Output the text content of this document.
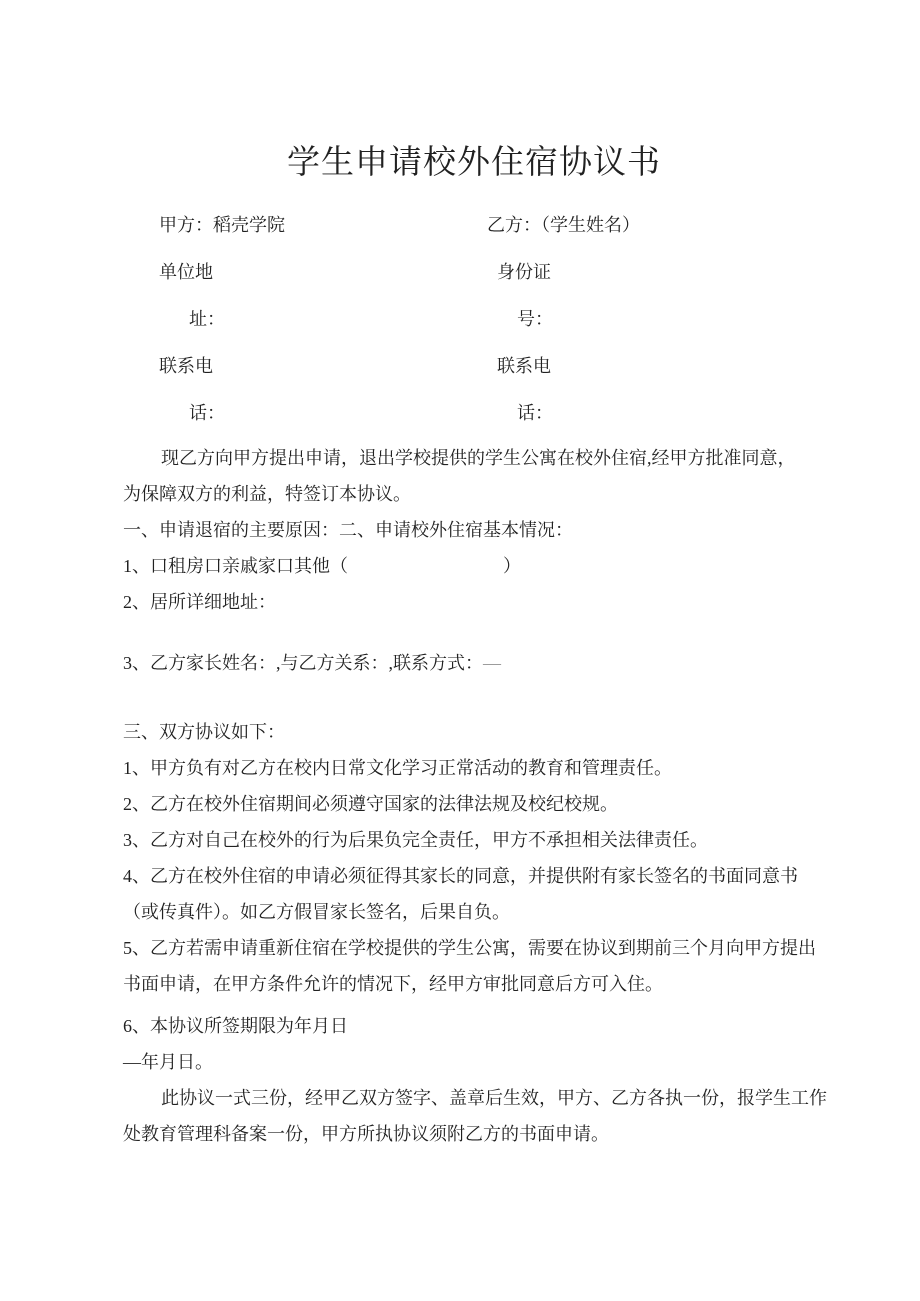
学生申请校外住宿协议书
甲方：稻壳学院	乙方：（学生姓名）
单位地	身份证
址：	号：
联系电	联系电
话：	话：
现乙方向甲方提出申请，退出学校提供的学生公寓在校外住宿,经甲方批准同意，
为保障双方的利益，特签订本协议。
一、申请退宿的主要原因：二、申请校外住宿基本情况：
1、口租房口亲戚家口其他（	）
2、居所详细地址：
3、乙方家长姓名：,与乙方关系：,联系方式：—
三、双方协议如下：
1、甲方负有对乙方在校内日常文化学习正常活动的教育和管理责任。
2、乙方在校外住宿期间必须遵守国家的法律法规及校纪校规。
3、乙方对自己在校外的行为后果负完全责任，甲方不承担相关法律责任。
4、乙方在校外住宿的申请必须征得其家长的同意，并提供附有家长签名的书面同意书
（或传真件）。如乙方假冒家长签名，后果自负。
5、乙方若需申请重新住宿在学校提供的学生公寓，需要在协议到期前三个月向甲方提出
书面申请，在甲方条件允许的情况下，经甲方审批同意后方可入住。
6、本协议所签期限为年月日
—年月日。
此协议一式三份，经甲乙双方签字、盖章后生效，甲方、乙方各执一份，报学生工作
处教育管理科备案一份，甲方所执协议须附乙方的书面申请。
